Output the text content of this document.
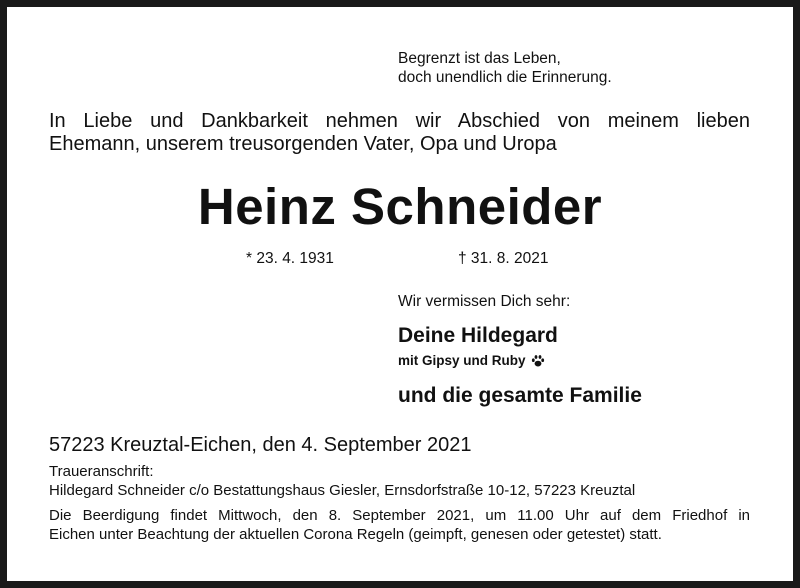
Begrenzt ist das Leben,
doch unendlich die Erinnerung.
In Liebe und Dankbarkeit nehmen wir Abschied von meinem lieben
Ehemann, unserem treusorgenden Vater, Opa und Uropa
Heinz Schneider
* 23. 4. 1931	† 31. 8. 2021
Wir vermissen Dich sehr:
Deine Hildegard
mit Gipsy und Ruby
und die gesamte Familie
57223 Kreuztal-Eichen, den 4. September 2021
Traueranschrift:
Hildegard Schneider c/o Bestattungshaus Giesler, Ernsdorfstraße 10-12, 57223 Kreuztal
Die Beerdigung findet Mittwoch, den 8. September 2021, um 11.00 Uhr auf dem Friedhof in
Eichen unter Beachtung der aktuellen Corona Regeln (geimpft, genesen oder getestet) statt.
